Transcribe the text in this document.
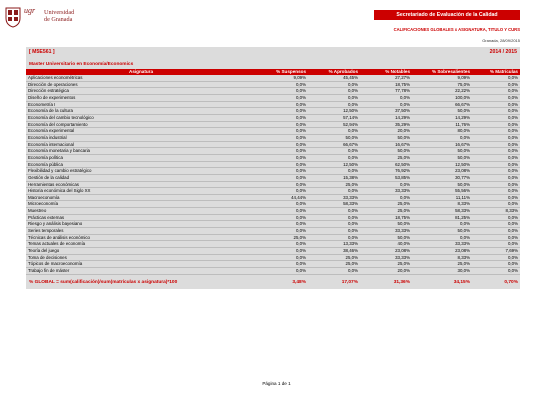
ugr Universidad
de Granada
Secretariado de Evaluación de la Calidad
CALIFICACIONES GLOBALES x ASIGNATURA, TITULO Y CURS
Granada, 28/09/2015
[ M5E561 ]	2014 / 2015
Master Universitario en Economía/Economics
Asignatura	% Suspensos	% Aprobados	% Notables	% Sobresalientes	% Matrículas
Aplicaciones econométricas	9,09%	45,45%	27,27%	9,09%	0,0%
Dirección de operaciones	0,0%	0,0%	18,75%	75,0%	0,0%
Dirección estratégica	0,0%	0,0%	77,78%	22,22%	0,0%
Diseño de experimentos	0,0%	0,0%	0,0%	100,0%	0,0%
Econometría I	0,0%	0,0%	0,0%	66,67%	0,0%
Economía de la cultura	0,0%	12,50%	37,50%	50,0%	0,0%
Economía del cambio tecnológico	0,0%	57,14%	14,29%	14,29%	0,0%
Economía del comportamiento	0,0%	52,94%	35,29%	11,76%	0,0%
Economía experimental	0,0%	0,0%	20,0%	80,0%	0,0%
Economía industrial	0,0%	50,0%	50,0%	0,0%	0,0%
Economía internacional	0,0%	66,67%	16,67%	16,67%	0,0%
Economía monetaria y bancaria	0,0%	0,0%	50,0%	50,0%	0,0%
Economía política	0,0%	0,0%	25,0%	50,0%	0,0%
Economía pública	0,0%	12,50%	62,50%	12,50%	0,0%
Flexibilidad y cambio estratégico	0,0%	0,0%	76,92%	23,08%	0,0%
Gestión de la calidad	0,0%	15,38%	53,85%	30,77%	0,0%
Herramientas económicas	0,0%	25,0%	0,0%	50,0%	0,0%
Historia económica del Siglo XX	0,0%	0,0%	33,33%	55,56%	0,0%
Macroeconomía	44,44%	33,33%	0,0%	11,11%	0,0%
Microeconomía	0,0%	58,33%	25,0%	8,33%	0,0%
Muestreo	0,0%	0,0%	25,0%	58,33%	8,33%
Prácticas externas	0,0%	0,0%	18,75%	81,25%	0,0%
Riesgo y análisis bayesiano	0,0%	0,0%	50,0%	0,0%	0,0%
Series temporales	0,0%	0,0%	33,33%	50,0%	0,0%
Técnicas de análisis económico	25,0%	0,0%	50,0%	0,0%	0,0%
Temas actuales de economía	0,0%	13,33%	40,0%	33,33%	0,0%
Teoría del juego	0,0%	38,46%	23,08%	23,08%	7,69%
Toma de decisiones	0,0%	25,0%	33,33%	8,33%	0,0%
Tópicos de macroeconomía	0,0%	25,0%	25,0%	25,0%	0,0%
Trabajo fin de máster	0,0%	0,0%	20,0%	30,0%	0,0%
% GLOBAL = sum(calificación)/sum(matrículas x asignatura)*100	3,48%	17,07%	31,36%	34,15%	0,70%
Página 1 de 1
